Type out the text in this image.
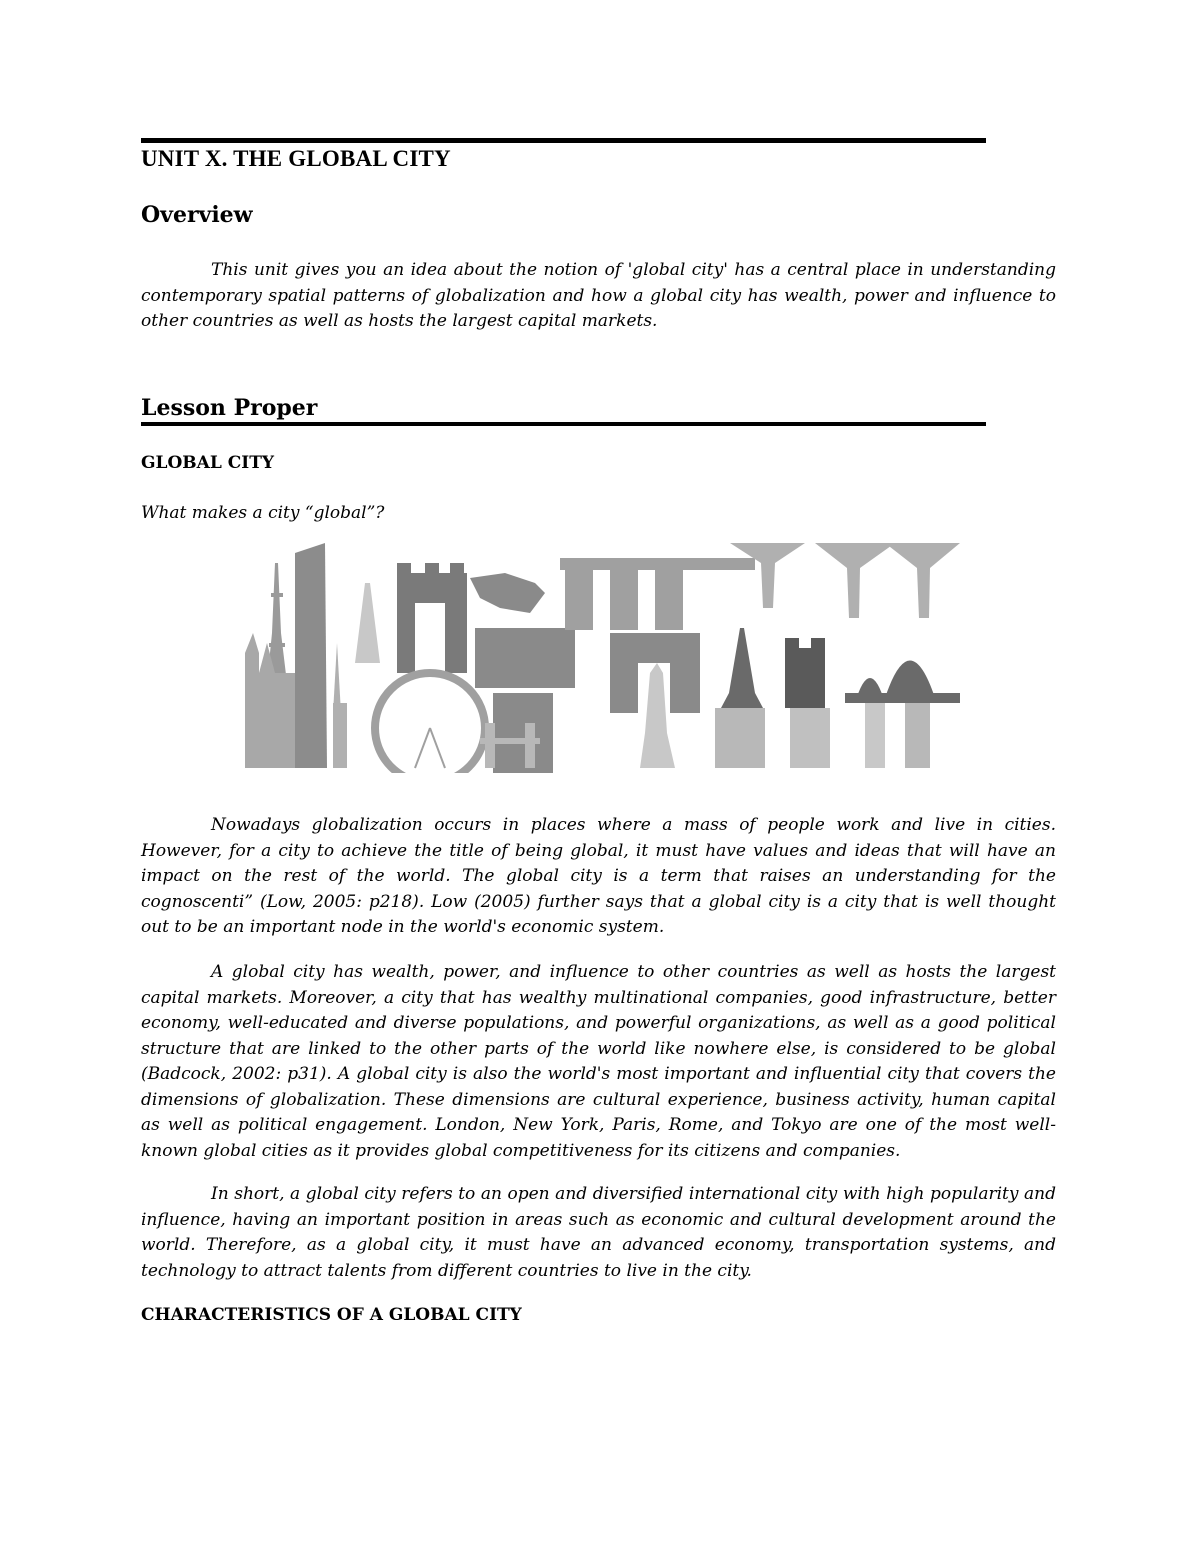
UNIT X. THE GLOBAL CITY
Overview

This unit gives you an idea about the notion of 'global city' has a central place in understanding contemporary spatial patterns of globalization and how a global city has wealth, power and influence to other countries as well as hosts the largest capital markets.

Lesson Proper
GLOBAL CITY
What makes a city “global”?

Nowadays globalization occurs in places where a mass of people work and live in cities. However, for a city to achieve the title of being global, it must have values and ideas that will have an impact on the rest of the world. The global city is a term that raises an understanding for the cognoscenti” (Low, 2005: p218). Low (2005) further says that a global city is a city that is well thought out to be an important node in the world's economic system.

A global city has wealth, power, and influence to other countries as well as hosts the largest capital markets. Moreover, a city that has wealthy multinational companies, good infrastructure, better economy, well-educated and diverse populations, and powerful organizations, as well as a good political structure that are linked to the other parts of the world like nowhere else, is considered to be global (Badcock, 2002: p31). A global city is also the world's most important and influential city that covers the dimensions of globalization. These dimensions are cultural experience, business activity, human capital as well as political engagement. London, New York, Paris, Rome, and Tokyo are one of the most well-known global cities as it provides global competitiveness for its citizens and companies.

In short, a global city refers to an open and diversified international city with high popularity and influence, having an important position in areas such as economic and cultural development around the world. Therefore, as a global city, it must have an advanced economy, transportation systems, and technology to attract talents from different countries to live in the city.

CHARACTERISTICS OF A GLOBAL CITY
